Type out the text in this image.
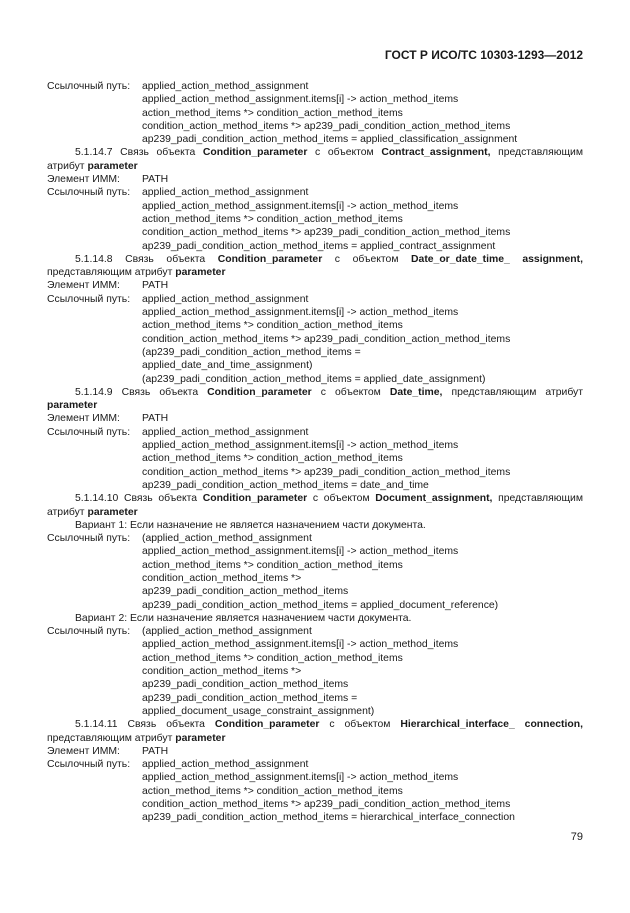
ГОСТ Р ИСО/ТС 10303-1293—2012
Ссылочный путь:	applied_action_method_assignment
applied_action_method_assignment.items[i] -> action_method_items
action_method_items *> condition_action_method_items
condition_action_method_items *> ap239_padi_condition_action_method_items
ap239_padi_condition_action_method_items = applied_classification_assignment
5.1.14.7 Связь объекта Condition_parameter с объектом Contract_assignment, представляющим атрибут parameter
Элемент ИММ:	PATH
Ссылочный путь:	applied_action_method_assignment
applied_action_method_assignment.items[i] -> action_method_items
action_method_items *> condition_action_method_items
condition_action_method_items *> ap239_padi_condition_action_method_items
ap239_padi_condition_action_method_items = applied_contract_assignment
5.1.14.8 Связь объекта Condition_parameter с объектом Date_or_date_time_ assignment, представляющим атрибут parameter
Элемент ИММ:	PATH
Ссылочный путь:	applied_action_method_assignment
applied_action_method_assignment.items[i] -> action_method_items
action_method_items *> condition_action_method_items
condition_action_method_items *> ap239_padi_condition_action_method_items
(ap239_padi_condition_action_method_items =
applied_date_and_time_assignment)
(ap239_padi_condition_action_method_items = applied_date_assignment)
5.1.14.9 Связь объекта Condition_parameter с объектом Date_time, представляющим атрибут parameter
Элемент ИММ:	PATH
Ссылочный путь:	applied_action_method_assignment
applied_action_method_assignment.items[i] -> action_method_items
action_method_items *> condition_action_method_items
condition_action_method_items *> ap239_padi_condition_action_method_items
ap239_padi_condition_action_method_items = date_and_time
5.1.14.10 Связь объекта Condition_parameter с объектом Document_assignment, представляющим атрибут parameter
Вариант 1: Если назначение не является назначением части документа.
Ссылочный путь:	(applied_action_method_assignment
applied_action_method_assignment.items[i] -> action_method_items
action_method_items *> condition_action_method_items
condition_action_method_items *>
ap239_padi_condition_action_method_items
ap239_padi_condition_action_method_items = applied_document_reference)
Вариант 2: Если назначение является назначением части документа.
Ссылочный путь:	(applied_action_method_assignment
applied_action_method_assignment.items[i] -> action_method_items
action_method_items *> condition_action_method_items
condition_action_method_items *>
ap239_padi_condition_action_method_items
ap239_padi_condition_action_method_items =
applied_document_usage_constraint_assignment)
5.1.14.11 Связь объекта Condition_parameter с объектом Hierarchical_interface_ connection, представляющим атрибут parameter
Элемент ИММ:	PATH
Ссылочный путь:	applied_action_method_assignment
applied_action_method_assignment.items[i] -> action_method_items
action_method_items *> condition_action_method_items
condition_action_method_items *> ap239_padi_condition_action_method_items
ap239_padi_condition_action_method_items = hierarchical_interface_connection
79
